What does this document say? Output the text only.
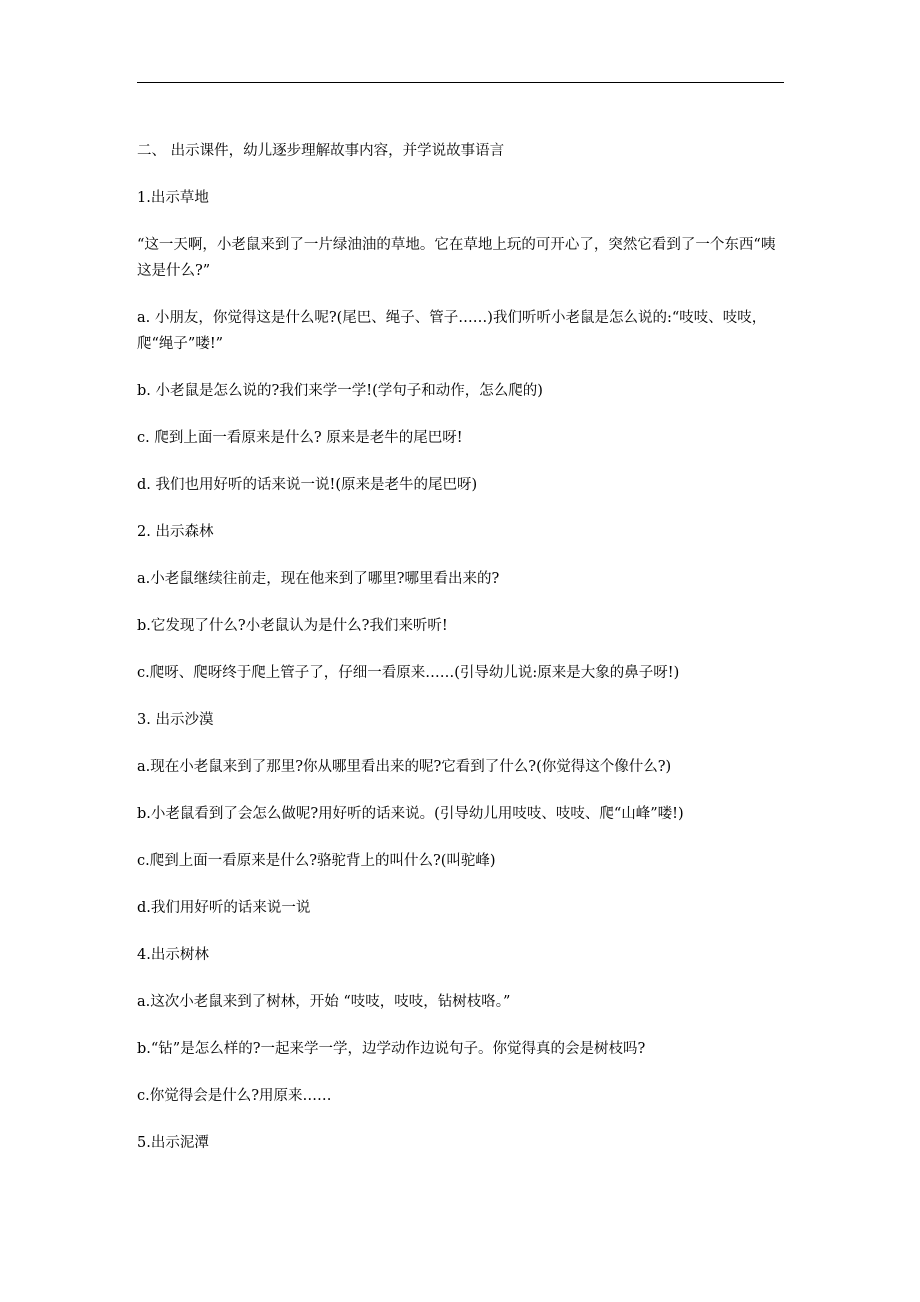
二、 出示课件，幼儿逐步理解故事内容，并学说故事语言

1.出示草地

“这一天啊，小老鼠来到了一片绿油油的草地。它在草地上玩的可开心了，突然它看到了一个东西“咦这是什么?”

a. 小朋友，你觉得这是什么呢?(尾巴、绳子、管子……)我们听听小老鼠是怎么说的:“吱吱、吱吱，爬“绳子”喽!”

b. 小老鼠是怎么说的?我们来学一学!(学句子和动作，怎么爬的)

c. 爬到上面一看原来是什么? 原来是老牛的尾巴呀!

d. 我们也用好听的话来说一说!(原来是老牛的尾巴呀)

2. 出示森林

a.小老鼠继续往前走，现在他来到了哪里?哪里看出来的?

b.它发现了什么?小老鼠认为是什么?我们来听听!

c.爬呀、爬呀终于爬上管子了，仔细一看原来……(引导幼儿说:原来是大象的鼻子呀!)

3. 出示沙漠

a.现在小老鼠来到了那里?你从哪里看出来的呢?它看到了什么?(你觉得这个像什么?)

b.小老鼠看到了会怎么做呢?用好听的话来说。(引导幼儿用吱吱、吱吱、爬“山峰”喽!)

c.爬到上面一看原来是什么?骆驼背上的叫什么?(叫驼峰)

d.我们用好听的话来说一说

4.出示树林

a.这次小老鼠来到了树林，开始 “吱吱，吱吱，钻树枝咯。”

b.“钻”是怎么样的?一起来学一学，边学动作边说句子。你觉得真的会是树枝吗?

c.你觉得会是什么?用原来……

5.出示泥潭
